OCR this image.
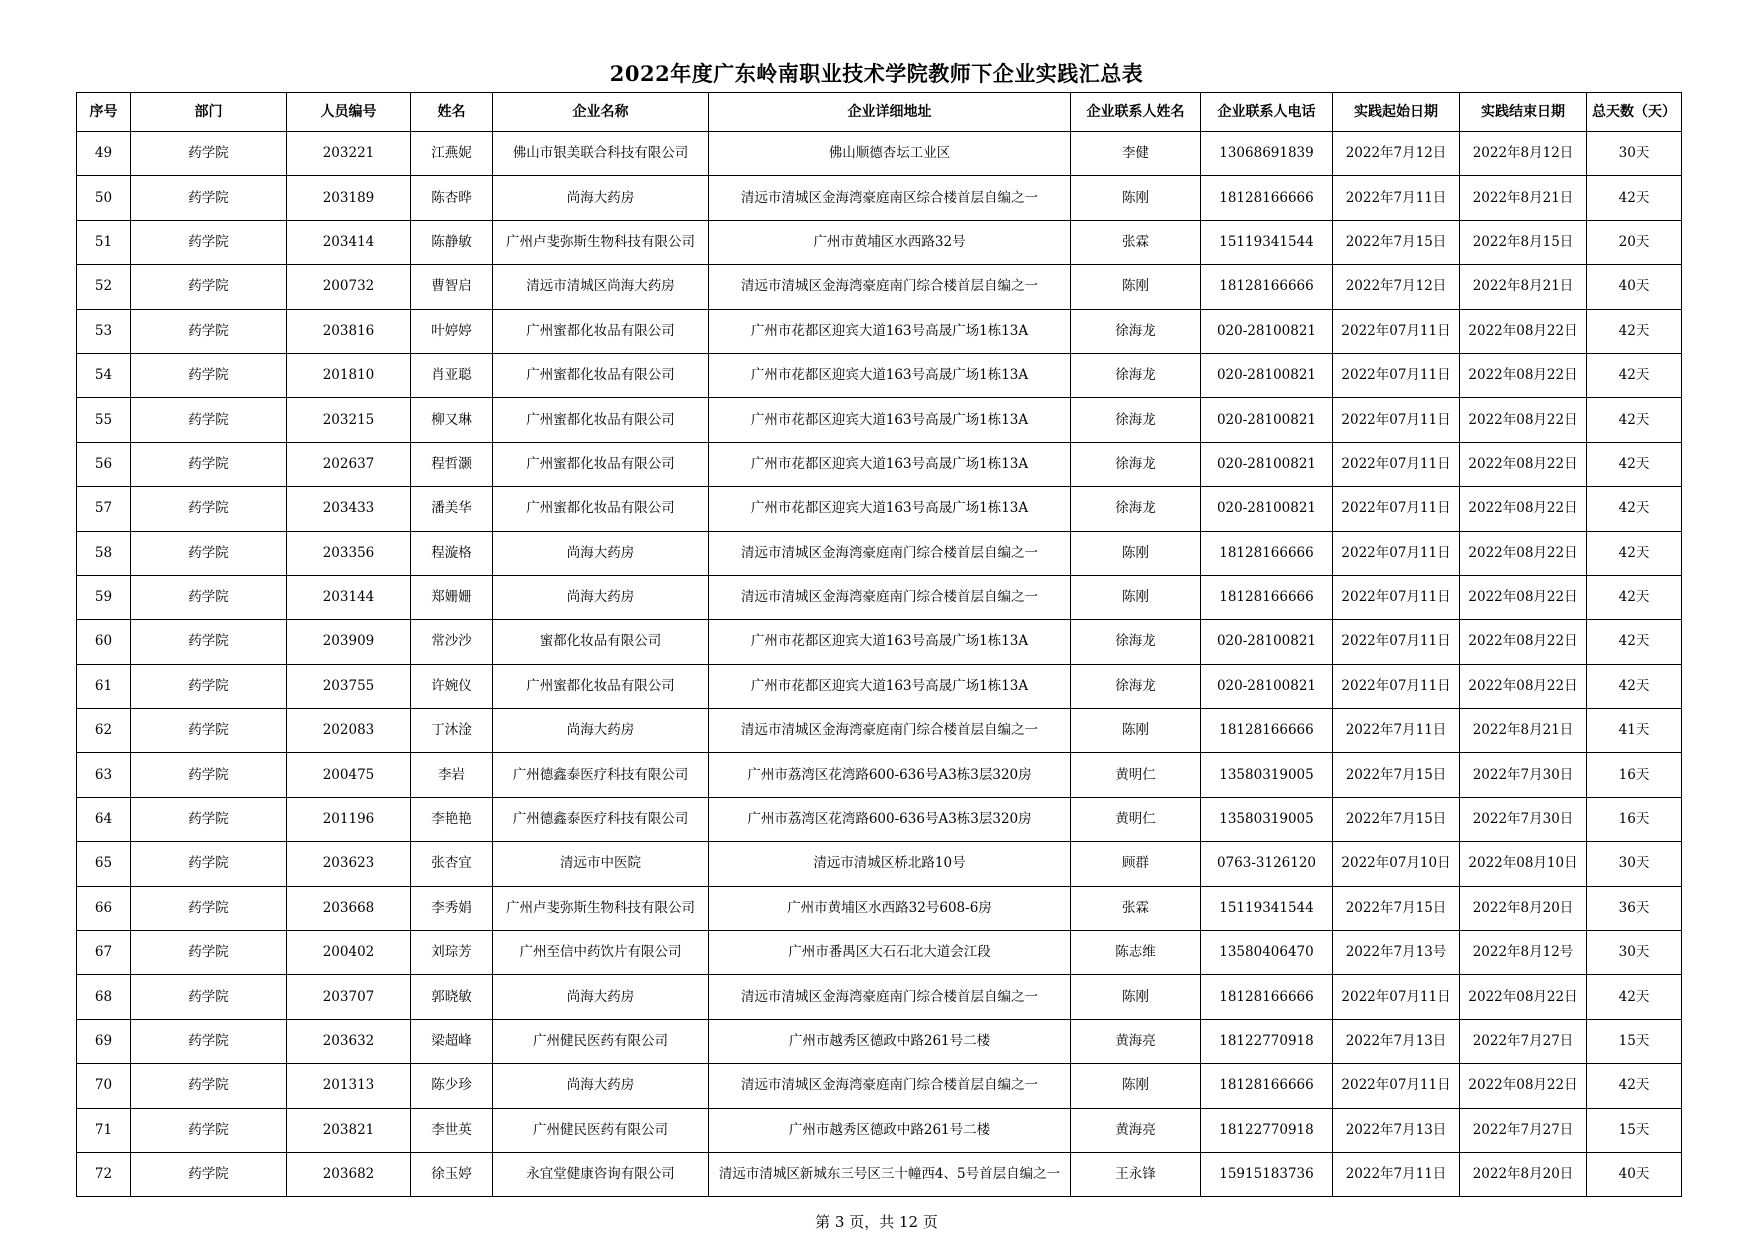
2022年度广东岭南职业技术学院教师下企业实践汇总表
序号	部门	人员编号	姓名	企业名称	企业详细地址	企业联系人姓名	企业联系人电话	实践起始日期	实践结束日期	总天数（天）
49	药学院	203221	江燕妮	佛山市银美联合科技有限公司	佛山顺德杏坛工业区	李健	13068691839	2022年7月12日	2022年8月12日	30天
50	药学院	203189	陈杏晔	尚海大药房	清远市清城区金海湾豪庭南区综合楼首层自编之一	陈刚	18128166666	2022年7月11日	2022年8月21日	42天
51	药学院	203414	陈静敏	广州卢斐弥斯生物科技有限公司	广州市黄埔区水西路32号	张霖	15119341544	2022年7月15日	2022年8月15日	20天
52	药学院	200732	曹智启	清远市清城区尚海大药房	清远市清城区金海湾豪庭南门综合楼首层自编之一	陈刚	18128166666	2022年7月12日	2022年8月21日	40天
53	药学院	203816	叶婷婷	广州蜜都化妆品有限公司	广州市花都区迎宾大道163号高晟广场1栋13A	徐海龙	020-28100821	2022年07月11日	2022年08月22日	42天
54	药学院	201810	肖亚聪	广州蜜都化妆品有限公司	广州市花都区迎宾大道163号高晟广场1栋13A	徐海龙	020-28100821	2022年07月11日	2022年08月22日	42天
55	药学院	203215	柳又琳	广州蜜都化妆品有限公司	广州市花都区迎宾大道163号高晟广场1栋13A	徐海龙	020-28100821	2022年07月11日	2022年08月22日	42天
56	药学院	202637	程哲灏	广州蜜都化妆品有限公司	广州市花都区迎宾大道163号高晟广场1栋13A	徐海龙	020-28100821	2022年07月11日	2022年08月22日	42天
57	药学院	203433	潘美华	广州蜜都化妆品有限公司	广州市花都区迎宾大道163号高晟广场1栋13A	徐海龙	020-28100821	2022年07月11日	2022年08月22日	42天
58	药学院	203356	程漩格	尚海大药房	清远市清城区金海湾豪庭南门综合楼首层自编之一	陈刚	18128166666	2022年07月11日	2022年08月22日	42天
59	药学院	203144	郑姗姗	尚海大药房	清远市清城区金海湾豪庭南门综合楼首层自编之一	陈刚	18128166666	2022年07月11日	2022年08月22日	42天
60	药学院	203909	常沙沙	蜜都化妆品有限公司	广州市花都区迎宾大道163号高晟广场1栋13A	徐海龙	020-28100821	2022年07月11日	2022年08月22日	42天
61	药学院	203755	许婉仪	广州蜜都化妆品有限公司	广州市花都区迎宾大道163号高晟广场1栋13A	徐海龙	020-28100821	2022年07月11日	2022年08月22日	42天
62	药学院	202083	丁沐淦	尚海大药房	清远市清城区金海湾豪庭南门综合楼首层自编之一	陈刚	18128166666	2022年7月11日	2022年8月21日	41天
63	药学院	200475	李岩	广州德鑫泰医疗科技有限公司	广州市荔湾区花湾路600-636号A3栋3层320房	黄明仁	13580319005	2022年7月15日	2022年7月30日	16天
64	药学院	201196	李艳艳	广州德鑫泰医疗科技有限公司	广州市荔湾区花湾路600-636号A3栋3层320房	黄明仁	13580319005	2022年7月15日	2022年7月30日	16天
65	药学院	203623	张杏宜	清远市中医院	清远市清城区桥北路10号	顾群	0763-3126120	2022年07月10日	2022年08月10日	30天
66	药学院	203668	李秀娟	广州卢斐弥斯生物科技有限公司	广州市黄埔区水西路32号608-6房	张霖	15119341544	2022年7月15日	2022年8月20日	36天
67	药学院	200402	刘琮芳	广州至信中药饮片有限公司	广州市番禺区大石石北大道会江段	陈志维	13580406470	2022年7月13号	2022年8月12号	30天
68	药学院	203707	郭晓敏	尚海大药房	清远市清城区金海湾豪庭南门综合楼首层自编之一	陈刚	18128166666	2022年07月11日	2022年08月22日	42天
69	药学院	203632	梁超峰	广州健民医药有限公司	广州市越秀区德政中路261号二楼	黄海亮	18122770918	2022年7月13日	2022年7月27日	15天
70	药学院	201313	陈少珍	尚海大药房	清远市清城区金海湾豪庭南门综合楼首层自编之一	陈刚	18128166666	2022年07月11日	2022年08月22日	42天
71	药学院	203821	李世英	广州健民医药有限公司	广州市越秀区德政中路261号二楼	黄海亮	18122770918	2022年7月13日	2022年7月27日	15天
72	药学院	203682	徐玉婷	永宜堂健康咨询有限公司	清远市清城区新城东三号区三十幢西4、5号首层自编之一	王永锋	15915183736	2022年7月11日	2022年8月20日	40天
第 3 页，共 12 页
